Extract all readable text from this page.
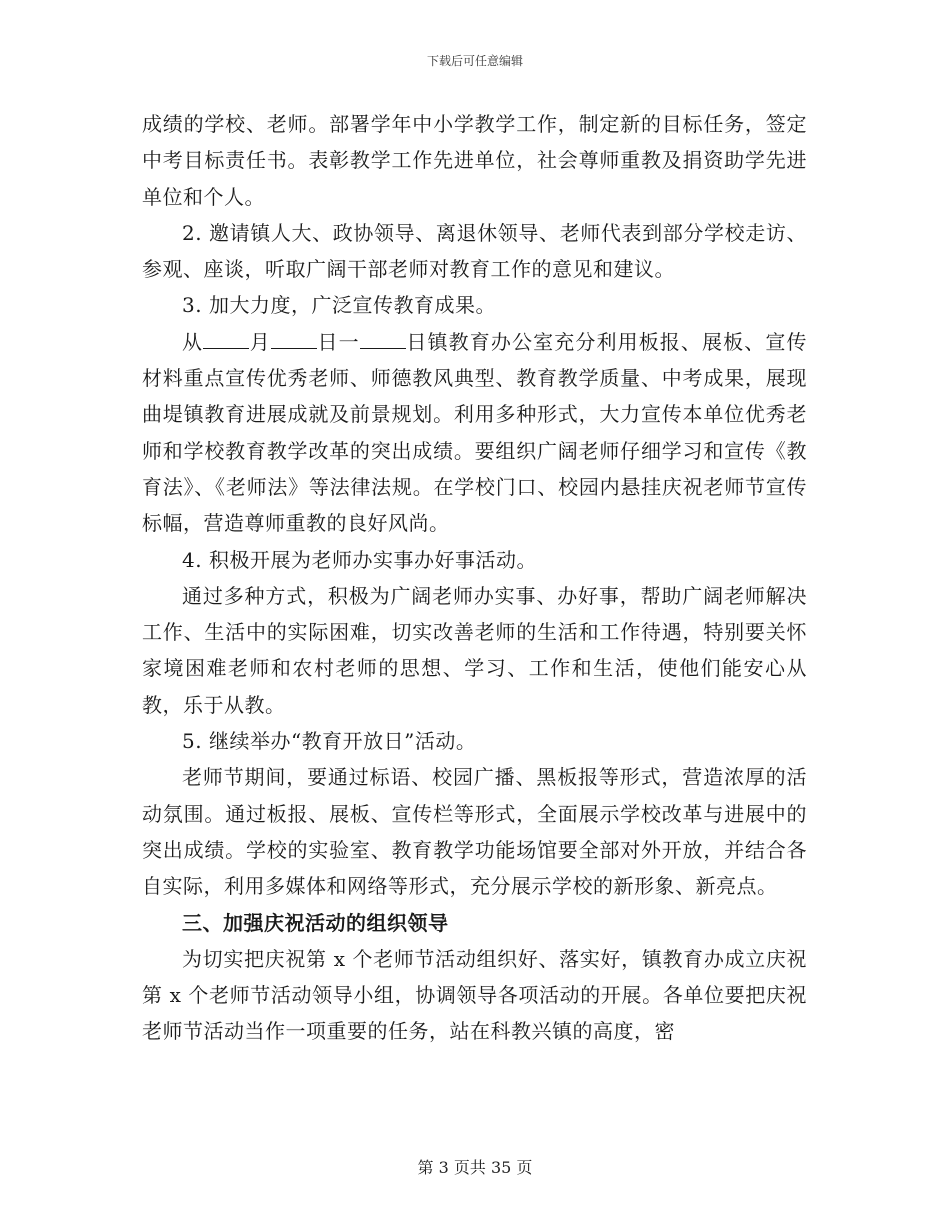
下载后可任意编辑

成绩的学校、老师。部署学年中小学教学工作，制定新的目标任务，签定中考目标责任书。表彰教学工作先进单位，社会尊师重教及捐资助学先进单位和个人。

2. 邀请镇人大、政协领导、离退休领导、老师代表到部分学校走访、参观、座谈，听取广阔干部老师对教育工作的意见和建议。

3. 加大力度，广泛宣传教育成果。

从 月 日一 日镇教育办公室充分利用板报、展板、宣传材料重点宣传优秀老师、师德教风典型、教育教学质量、中考成果，展现曲堤镇教育进展成就及前景规划。利用多种形式，大力宣传本单位优秀老师和学校教育教学改革的突出成绩。要组织广阔老师仔细学习和宣传《教育法》、《老师法》等法律法规。在学校门口、校园内悬挂庆祝老师节宣传标幅，营造尊师重教的良好风尚。

4. 积极开展为老师办实事办好事活动。

通过多种方式，积极为广阔老师办实事、办好事，帮助广阔老师解决工作、生活中的实际困难，切实改善老师的生活和工作待遇，特别要关怀家境困难老师和农村老师的思想、学习、工作和生活，使他们能安心从教，乐于从教。

5. 继续举办“教育开放日”活动。

老师节期间，要通过标语、校园广播、黑板报等形式，营造浓厚的活动氛围。通过板报、展板、宣传栏等形式，全面展示学校改革与进展中的突出成绩。学校的实验室、教育教学功能场馆要全部对外开放，并结合各自实际，利用多媒体和网络等形式，充分展示学校的新形象、新亮点。

三、加强庆祝活动的组织领导

为切实把庆祝第 x 个老师节活动组织好、落实好，镇教育办成立庆祝第 x 个老师节活动领导小组，协调领导各项活动的开展。各单位要把庆祝老师节活动当作一项重要的任务，站在科教兴镇的高度，密

第 3 页共 35 页
